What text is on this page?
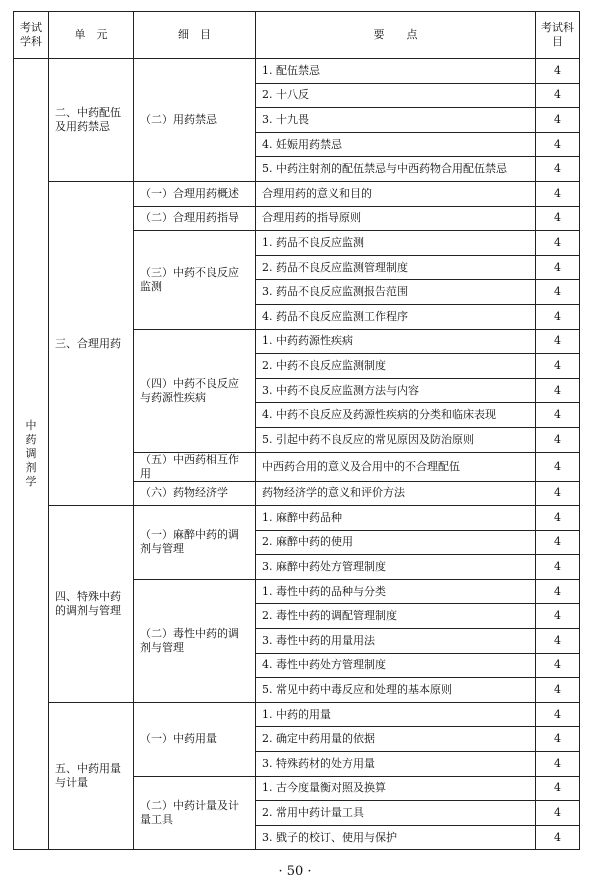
考试学科	单　元	细　目	要　　点	考试科目
中药调剂学	二、中药配伍及用药禁忌	（二）用药禁忌	1. 配伍禁忌	4
			2. 十八反	4
			3. 十九畏	4
			4. 妊娠用药禁忌	4
			5. 中药注射剂的配伍禁忌与中西药物合用配伍禁忌	4
	三、合理用药	（一）合理用药概述	合理用药的意义和目的	4
		（二）合理用药指导	合理用药的指导原则	4
		（三）中药不良反应监测	1. 药品不良反应监测	4
			2. 药品不良反应监测管理制度	4
			3. 药品不良反应监测报告范围	4
			4. 药品不良反应监测工作程序	4
		（四）中药不良反应与药源性疾病	1. 中药药源性疾病	4
			2. 中药不良反应监测制度	4
			3. 中药不良反应监测方法与内容	4
			4. 中药不良反应及药源性疾病的分类和临床表现	4
			5. 引起中药不良反应的常见原因及防治原则	4
		（五）中西药相互作用	中西药合用的意义及合用中的不合理配伍	4
		（六）药物经济学	药物经济学的意义和评价方法	4
	四、特殊中药的调剂与管理	（一）麻醉中药的调剂与管理	1. 麻醉中药品种	4
			2. 麻醉中药的使用	4
			3. 麻醉中药处方管理制度	4
		（二）毒性中药的调剂与管理	1. 毒性中药的品种与分类	4
			2. 毒性中药的调配管理制度	4
			3. 毒性中药的用量用法	4
			4. 毒性中药处方管理制度	4
			5. 常见中药中毒反应和处理的基本原则	4
	五、中药用量与计量	（一）中药用量	1. 中药的用量	4
			2. 确定中药用量的依据	4
			3. 特殊药材的处方用量	4
		（二）中药计量及计量工具	1. 古今度量衡对照及换算	4
			2. 常用中药计量工具	4
			3. 戥子的校订、使用与保护	4
· 50 ·
